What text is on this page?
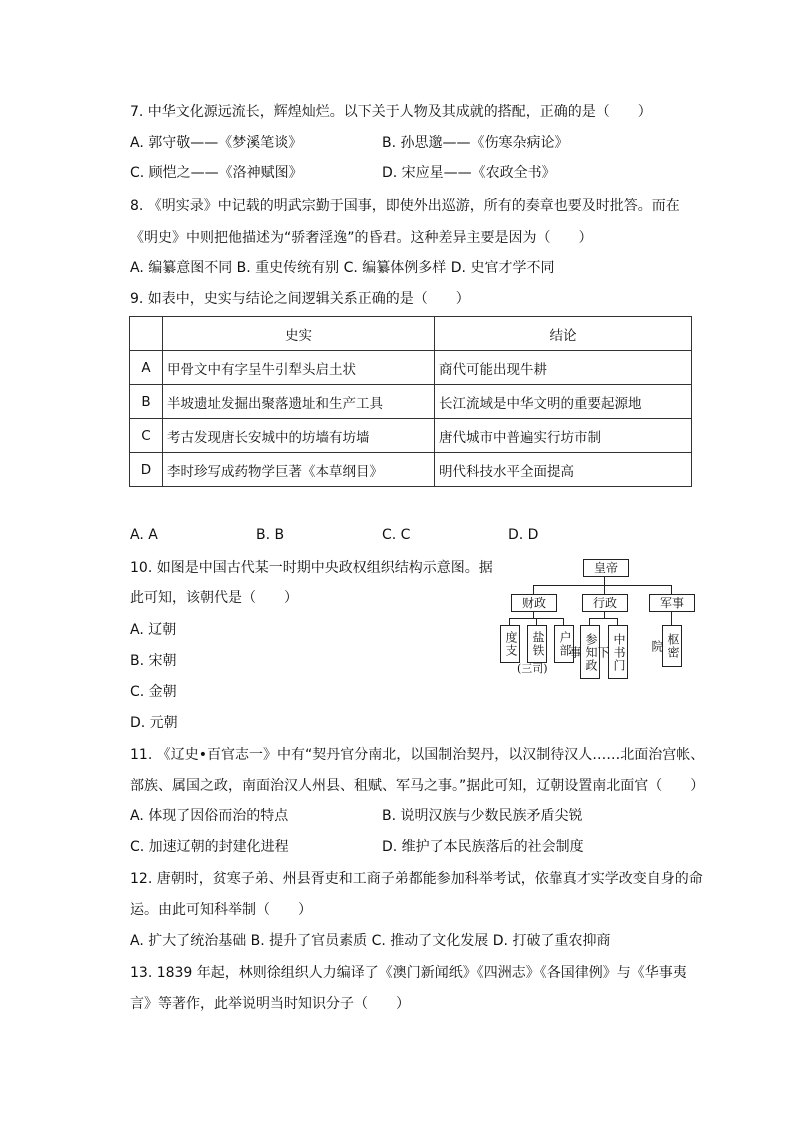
7. 中华文化源远流长，辉煌灿烂。以下关于人物及其成就的搭配，正确的是（　　）
A. 郭守敬——《梦溪笔谈》	B. 孙思邈——《伤寒杂病论》
C. 顾恺之——《洛神赋图》	D. 宋应星——《农政全书》
8. 《明实录》中记载的明武宗勤于国事，即使外出巡游，所有的奏章也要及时批答。而在
《明史》中则把他描述为“骄奢淫逸”的昏君。这种差异主要是因为（　　）
A. 编纂意图不同 B. 重史传统有别 C. 编纂体例多样 D. 史官才学不同
9. 如表中，史实与结论之间逻辑关系正确的是（　　）
	史实	结论
A	甲骨文中有字呈牛引犁头启土状	商代可能出现牛耕
B	半坡遗址发掘出聚落遗址和生产工具	长江流域是中华文明的重要起源地
C	考古发现唐长安城中的坊墙有坊墙	唐代城市中普遍实行坊市制
D	李时珍写成药物学巨著《本草纲目》	明代科技水平全面提高
A. A	B. B	C. C	D. D
10. 如图是中国古代某一时期中央政权组织结构示意图。据
此可知，该朝代是（　　）
A. 辽朝
B. 宋朝
C. 金朝
D. 元朝
皇帝
财政	行政	军事
度支	盐铁	户部	参知政事	中书门下	枢密院
(三司)
11. 《辽史•百官志一》中有“契丹官分南北，以国制治契丹，以汉制待汉人……北面治宫帐、
部族、属国之政，南面治汉人州县、租赋、军马之事。”据此可知，辽朝设置南北面官（　　）
A. 体现了因俗而治的特点	B. 说明汉族与少数民族矛盾尖锐
C. 加速辽朝的封建化进程	D. 维护了本民族落后的社会制度
12. 唐朝时，贫寒子弟、州县胥吏和工商子弟都能参加科举考试，依靠真才实学改变自身的命
运。由此可知科举制（　　）
A. 扩大了统治基础 B. 提升了官员素质 C. 推动了文化发展 D. 打破了重农抑商
13. 1839 年起，林则徐组织人力编译了《澳门新闻纸》《四洲志》《各国律例》与《华事夷
言》等著作，此举说明当时知识分子（　　）
